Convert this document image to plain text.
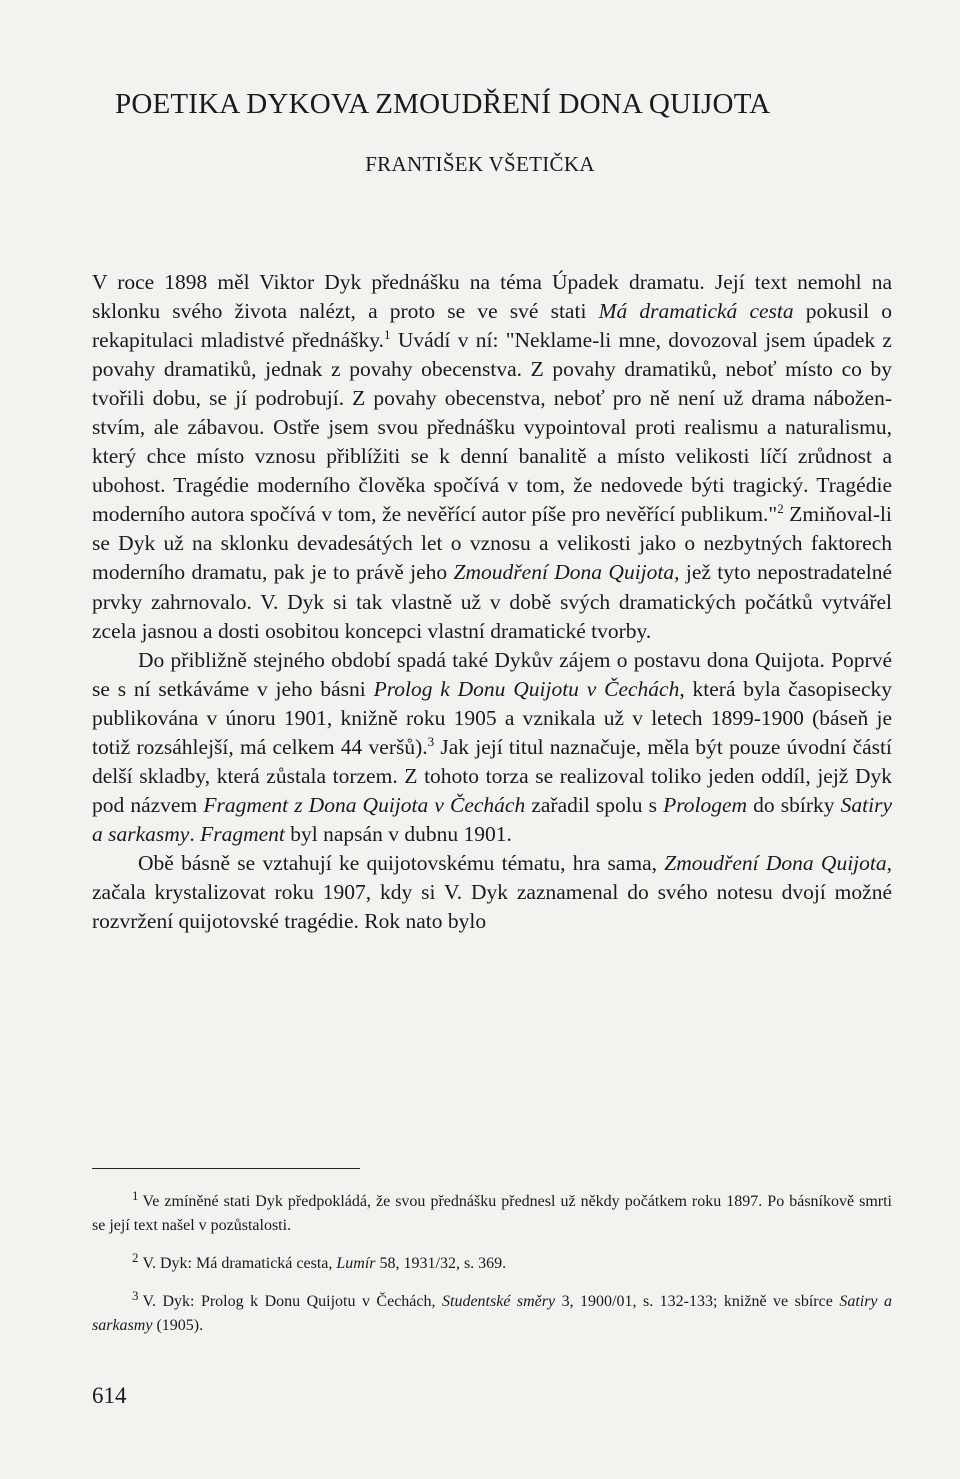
POETIKA DYKOVA ZMOUDŘENÍ DONA QUIJOTA
FRANTIŠEK VŠETIČKA

V roce 1898 měl Viktor Dyk přednášku na téma Úpadek dramatu. Její text nemohl na sklonku svého života nalézt, a proto se ve své stati Má dramatická cesta pokusil o rekapitulaci mladistvé přednášky.$^1$ Uvádí v ní: "Neklame-li mne, dovozoval jsem úpadek z povahy dramatiků, jednak z povahy obecenstva. Z povahy dramatiků, neboť místo co by tvořili dobu, se jí podrobují. Z povahy obecenstva, neboť pro ně není už drama náboženstvím, ale zábavou. Ostře jsem svou přednášku vypointoval proti realismu a naturalismu, který chce místo vznosu přiblížiti se k denní banalitě a místo velikosti líčí zrůdnost a ubohost. Tragédie moderního člověka spočívá v tom, že nedovede býti tragický. Tragédie moderního autora spočívá v tom, že nevěřící autor píše pro nevěřící publikum."$^2$ Zmiňoval-li se Dyk už na sklonku devadesátých let o vznosu a velikosti jako o nezbytných faktorech moderního dramatu, pak je to právě jeho Zmoudření Dona Quijota, jež tyto nepostradatelné prvky zahrnovalo. V. Dyk si tak vlastně už v době svých dramatických počátků vytvářel zcela jasnou a dosti osobitou koncepci vlastní dramatické tvorby.

Do přibližně stejného období spadá také Dykův zájem o postavu dona Quijota. Poprvé se s ní setkáváme v jeho básni Prolog k Donu Quijotu v Čechách, která byla časopisecky publikována v únoru 1901, knižně roku 1905 a vznikala už v letech 1899-1900 (báseň je totiž rozsáhlejší, má celkem 44 veršů).$^3$ Jak její titul naznačuje, měla být pouze úvodní částí delší skladby, která zůstala torzem. Z tohoto torza se realizoval toliko jeden oddíl, jejž Dyk pod názvem Fragment z Dona Quijota v Čechách zařadil spolu s Prologem do sbírky Satiry a sarkasmy. Fragment byl napsán v dubnu 1901.

Obě básně se vztahují ke quijotovskému tématu, hra sama, Zmoudření Dona Quijota, začala krystalizovat roku 1907, kdy si V. Dyk zaznamenal do svého notesu dvojí možné rozvržení quijotovské tragédie. Rok nato bylo

$^1$ Ve zmíněné stati Dyk předpokládá, že svou přednášku přednesl už někdy počátkem roku 1897. Po básníkově smrti se její text našel v pozůstalosti.

$^2$ V. Dyk: Má dramatická cesta, Lumír 58, 1931/32, s. 369.

$^3$ V. Dyk: Prolog k Donu Quijotu v Čechách, Studentské směry 3, 1900/01, s. 132-133; knižně ve sbírce Satiry a sarkasmy (1905).

614
